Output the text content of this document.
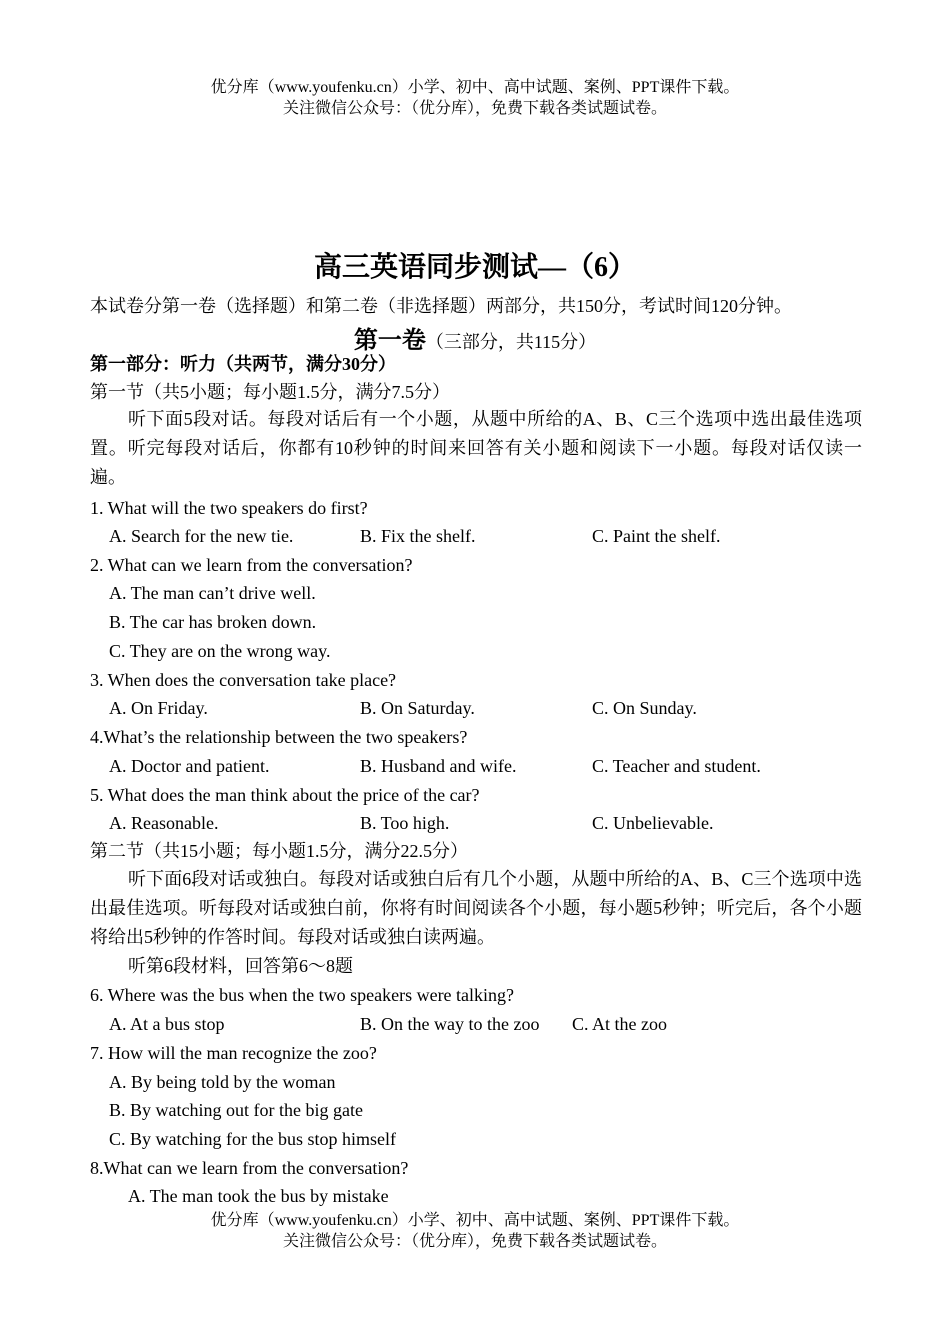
优分库（www.youfenku.cn）小学、初中、高中试题、案例、PPT课件下载。
关注微信公众号：（优分库），免费下载各类试题试卷。
高三英语同步测试—（6）
本试卷分第一卷（选择题）和第二卷（非选择题）两部分，共150分，考试时间120分钟。
第一卷（三部分，共115分）
第一部分：听力（共两节，满分30分）
第一节（共5小题；每小题1.5分，满分7.5分）
听下面5段对话。每段对话后有一个小题，从题中所给的A、B、C三个选项中选出最佳选项置。听完每段对话后，你都有10秒钟的时间来回答有关小题和阅读下一小题。每段对话仅读一遍。
1. What will the two speakers do first?
A. Search for the new tie.	B. Fix the shelf.	C. Paint the shelf.
2. What can we learn from the conversation?
A. The man can’t drive well.
B. The car has broken down.
C. They are on the wrong way.
3. When does the conversation take place?
A. On Friday.	B. On Saturday.	C. On Sunday.
4.What’s the relationship between the two speakers?
A. Doctor and patient.	B. Husband and wife.	C. Teacher and student.
5. What does the man think about the price of the car?
A. Reasonable.	B. Too high.	C. Unbelievable.
第二节（共15小题；每小题1.5分，满分22.5分）
听下面6段对话或独白。每段对话或独白后有几个小题，从题中所给的A、B、C三个选项中选出最佳选项。听每段对话或独白前，你将有时间阅读各个小题，每小题5秒钟；听完后，各个小题将给出5秒钟的作答时间。每段对话或独白读两遍。
听第6段材料，回答第6～8题
6. Where was the bus when the two speakers were talking?
A. At a bus stop	B. On the way to the zoo C. At the zoo
7. How will the man recognize the zoo?
A. By being told by the woman
B. By watching out for the big gate
C. By watching for the bus stop himself
8.What can we learn from the conversation?
A. The man took the bus by mistake
优分库（www.youfenku.cn）小学、初中、高中试题、案例、PPT课件下载。
关注微信公众号：（优分库），免费下载各类试题试卷。
